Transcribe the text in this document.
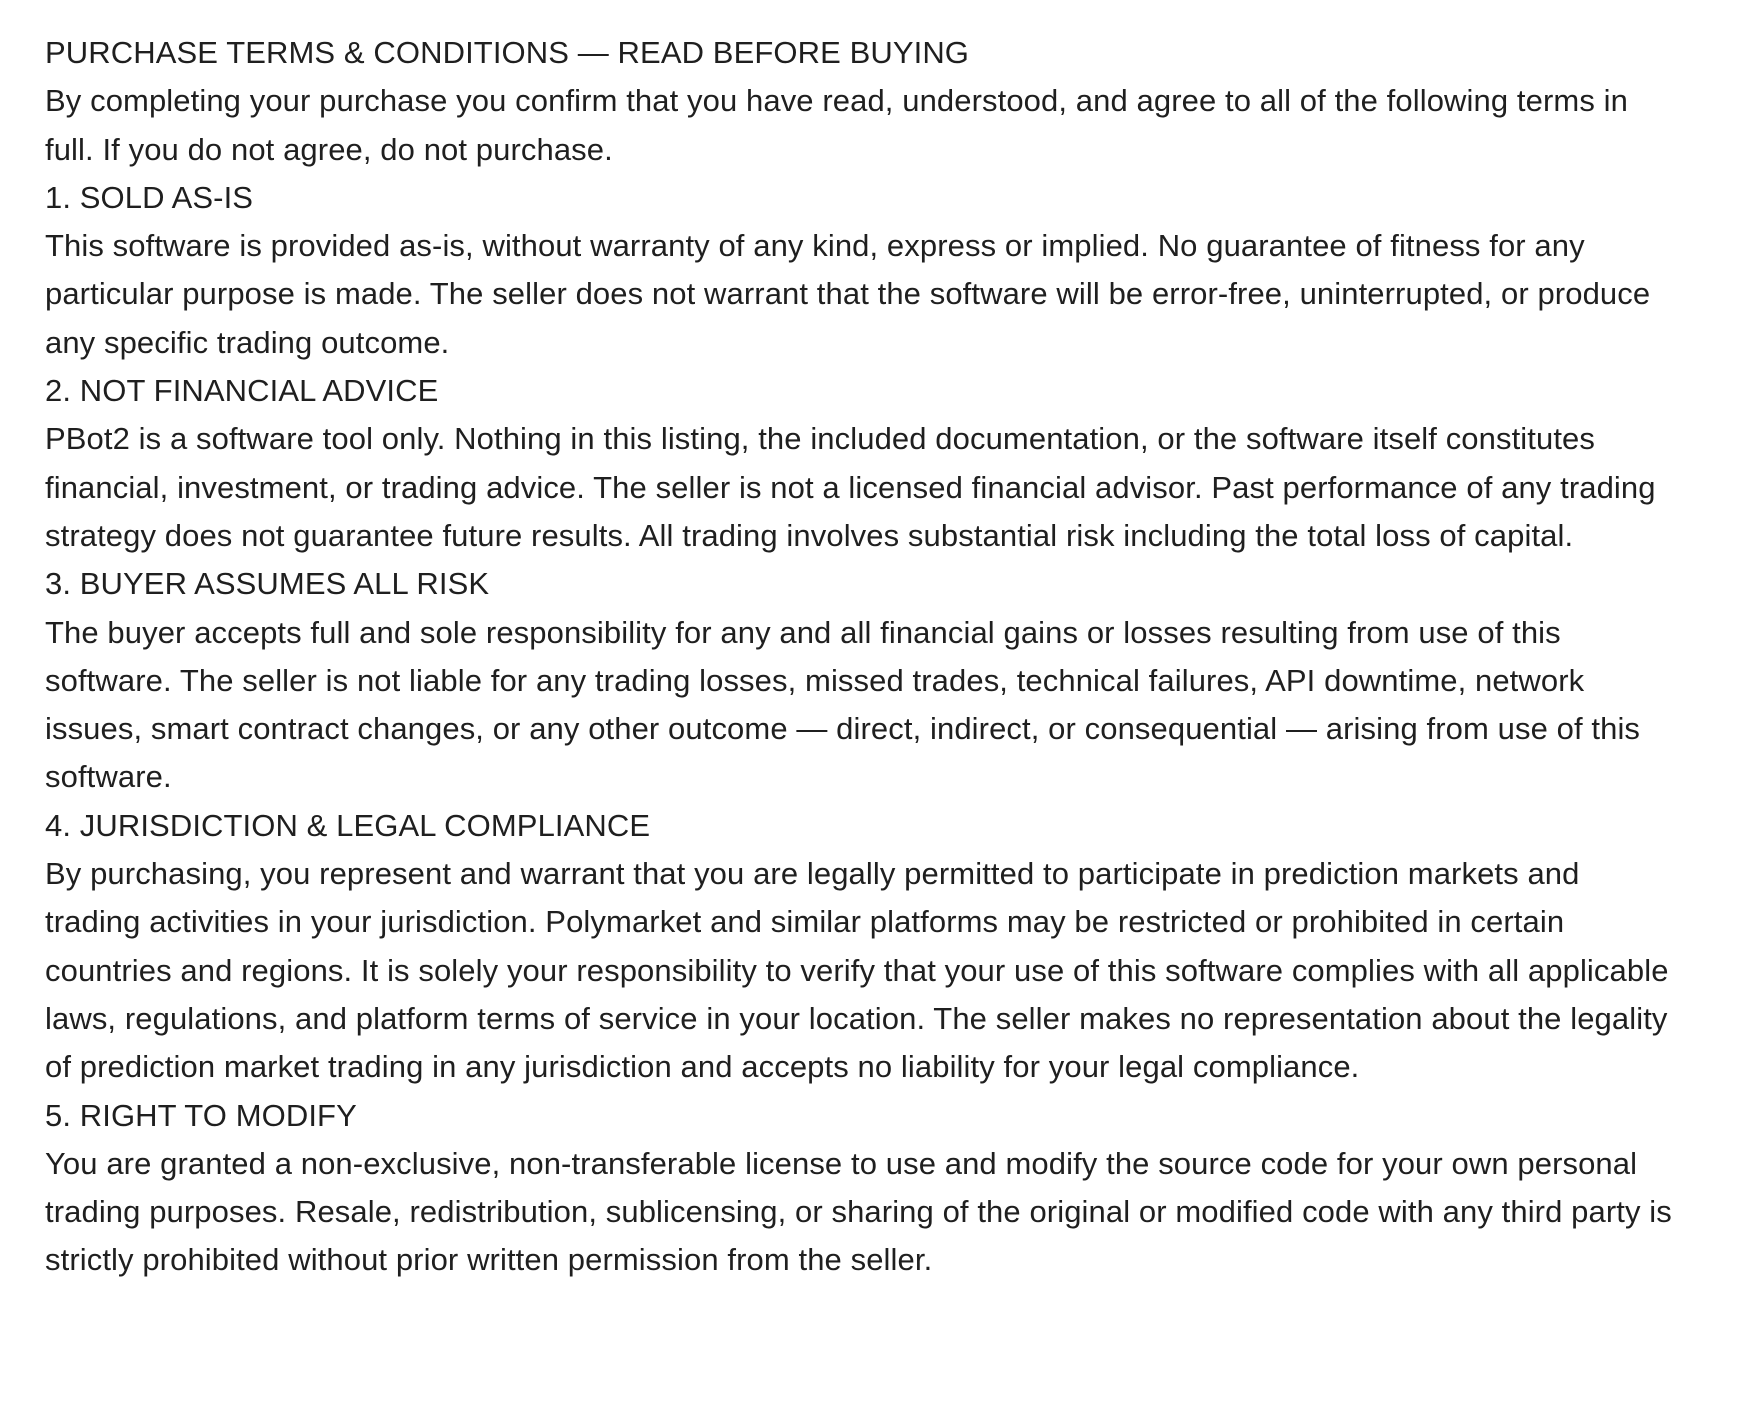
PURCHASE TERMS & CONDITIONS — READ BEFORE BUYING

By completing your purchase you confirm that you have read, understood, and agree to all of the following terms in full. If you do not agree, do not purchase.

1. SOLD AS-IS

This software is provided as-is, without warranty of any kind, express or implied. No guarantee of fitness for any particular purpose is made. The seller does not warrant that the software will be error-free, uninterrupted, or produce any specific trading outcome.

2. NOT FINANCIAL ADVICE

PBot2 is a software tool only. Nothing in this listing, the included documentation, or the software itself constitutes financial, investment, or trading advice. The seller is not a licensed financial advisor. Past performance of any trading strategy does not guarantee future results. All trading involves substantial risk including the total loss of capital.

3. BUYER ASSUMES ALL RISK

The buyer accepts full and sole responsibility for any and all financial gains or losses resulting from use of this software. The seller is not liable for any trading losses, missed trades, technical failures, API downtime, network issues, smart contract changes, or any other outcome — direct, indirect, or consequential — arising from use of this software.

4. JURISDICTION & LEGAL COMPLIANCE

By purchasing, you represent and warrant that you are legally permitted to participate in prediction markets and trading activities in your jurisdiction. Polymarket and similar platforms may be restricted or prohibited in certain countries and regions. It is solely your responsibility to verify that your use of this software complies with all applicable laws, regulations, and platform terms of service in your location. The seller makes no representation about the legality of prediction market trading in any jurisdiction and accepts no liability for your legal compliance.

5. RIGHT TO MODIFY

You are granted a non-exclusive, non-transferable license to use and modify the source code for your own personal trading purposes. Resale, redistribution, sublicensing, or sharing of the original or modified code with any third party is strictly prohibited without prior written permission from the seller.
